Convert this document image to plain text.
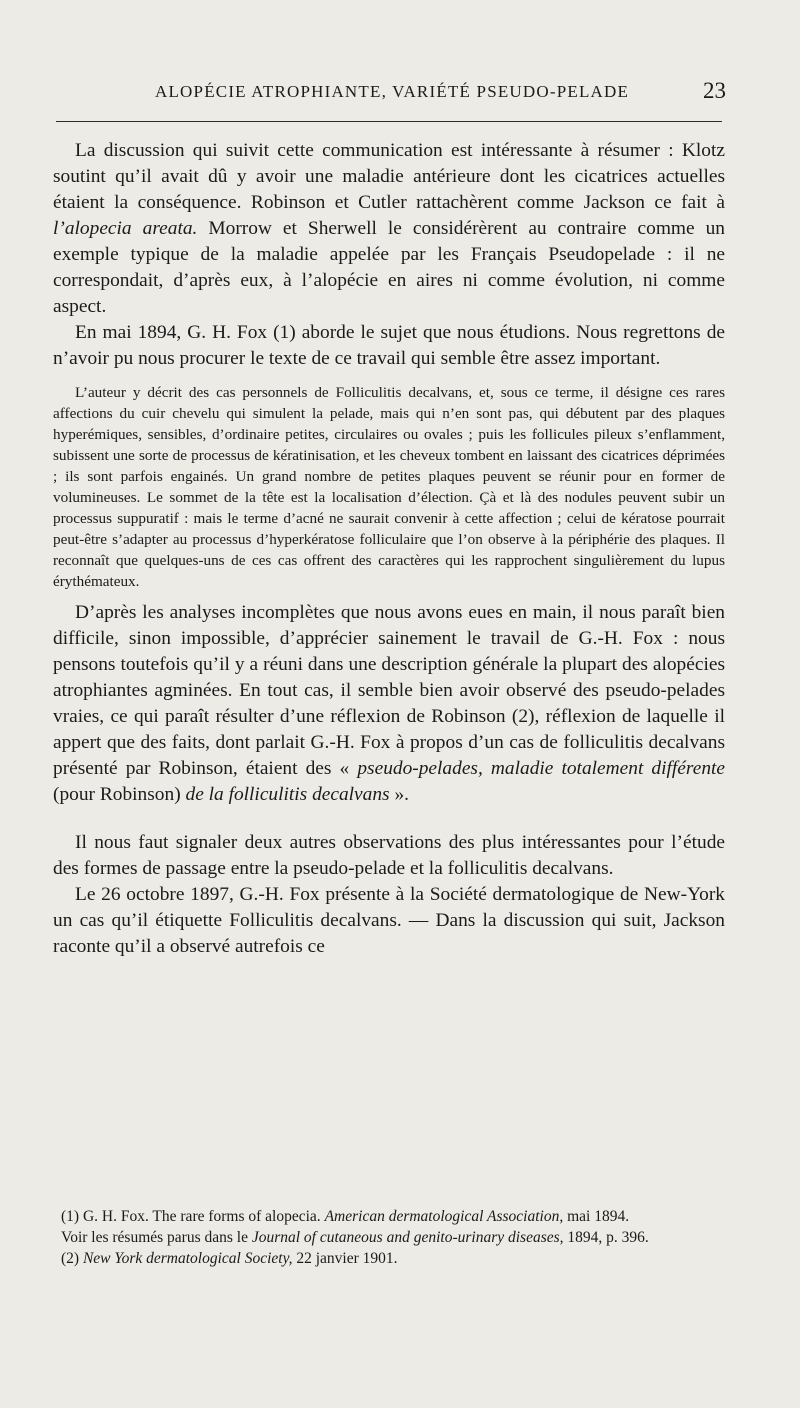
ALOPÉCIE ATROPHIANTE, VARIÉTÉ PSEUDO-PELADE	23

La discussion qui suivit cette communication est intéressante à résumer : Klotz soutint qu’il avait dû y avoir une maladie antérieure dont les cicatrices actuelles étaient la conséquence. Robinson et Cutler rattachèrent comme Jackson ce fait à l’alopecia areata. Morrow et Sherwell le considérèrent au contraire comme un exemple typique de la maladie appelée par les Français Pseudopelade : il ne correspondait, d’après eux, à l’alopécie en aires ni comme évolution, ni comme aspect.

En mai 1894, G. H. Fox (1) aborde le sujet que nous étudions. Nous regrettons de n’avoir pu nous procurer le texte de ce travail qui semble être assez important.

L’auteur y décrit des cas personnels de Folliculitis decalvans, et, sous ce terme, il désigne ces rares affections du cuir chevelu qui simulent la pelade, mais qui n’en sont pas, qui débutent par des plaques hyperémiques, sensibles, d’ordinaire petites, circulaires ou ovales ; puis les follicules pileux s’enflamment, subissent une sorte de processus de kératinisation, et les cheveux tombent en laissant des cicatrices déprimées ; ils sont parfois engainés. Un grand nombre de petites plaques peuvent se réunir pour en former de volumineuses. Le sommet de la tête est la localisation d’élection. Çà et là des nodules peuvent subir un processus suppuratif : mais le terme d’acné ne saurait convenir à cette affection ; celui de kératose pourrait peut-être s’adapter au processus d’hyperkératose folliculaire que l’on observe à la périphérie des plaques. Il reconnaît que quelques-uns de ces cas offrent des caractères qui les rapprochent singulièrement du lupus érythémateux.

D’après les analyses incomplètes que nous avons eues en main, il nous paraît bien difficile, sinon impossible, d’apprécier sainement le travail de G.-H. Fox : nous pensons toutefois qu’il y a réuni dans une description générale la plupart des alopécies atrophiantes agminées. En tout cas, il semble bien avoir observé des pseudo-pelades vraies, ce qui paraît résulter d’une réflexion de Robinson (2), réflexion de laquelle il appert que des faits, dont parlait G.-H. Fox à propos d’un cas de folliculitis decalvans présenté par Robinson, étaient des « pseudo-pelades, maladie totalement différente (pour Robinson) de la folliculitis decalvans ».

Il nous faut signaler deux autres observations des plus intéressantes pour l’étude des formes de passage entre la pseudo-pelade et la folliculitis decalvans.

Le 26 octobre 1897, G.-H. Fox présente à la Société dermatologique de New-York un cas qu’il étiquette Folliculitis decalvans. — Dans la discussion qui suit, Jackson raconte qu’il a observé autrefois ce

(1) G. H. Fox. The rare forms of alopecia. American dermatological Association, mai 1894.

Voir les résumés parus dans le Journal of cutaneous and genito-urinary diseases, 1894, p. 396.

(2) New York dermatological Society, 22 janvier 1901.
